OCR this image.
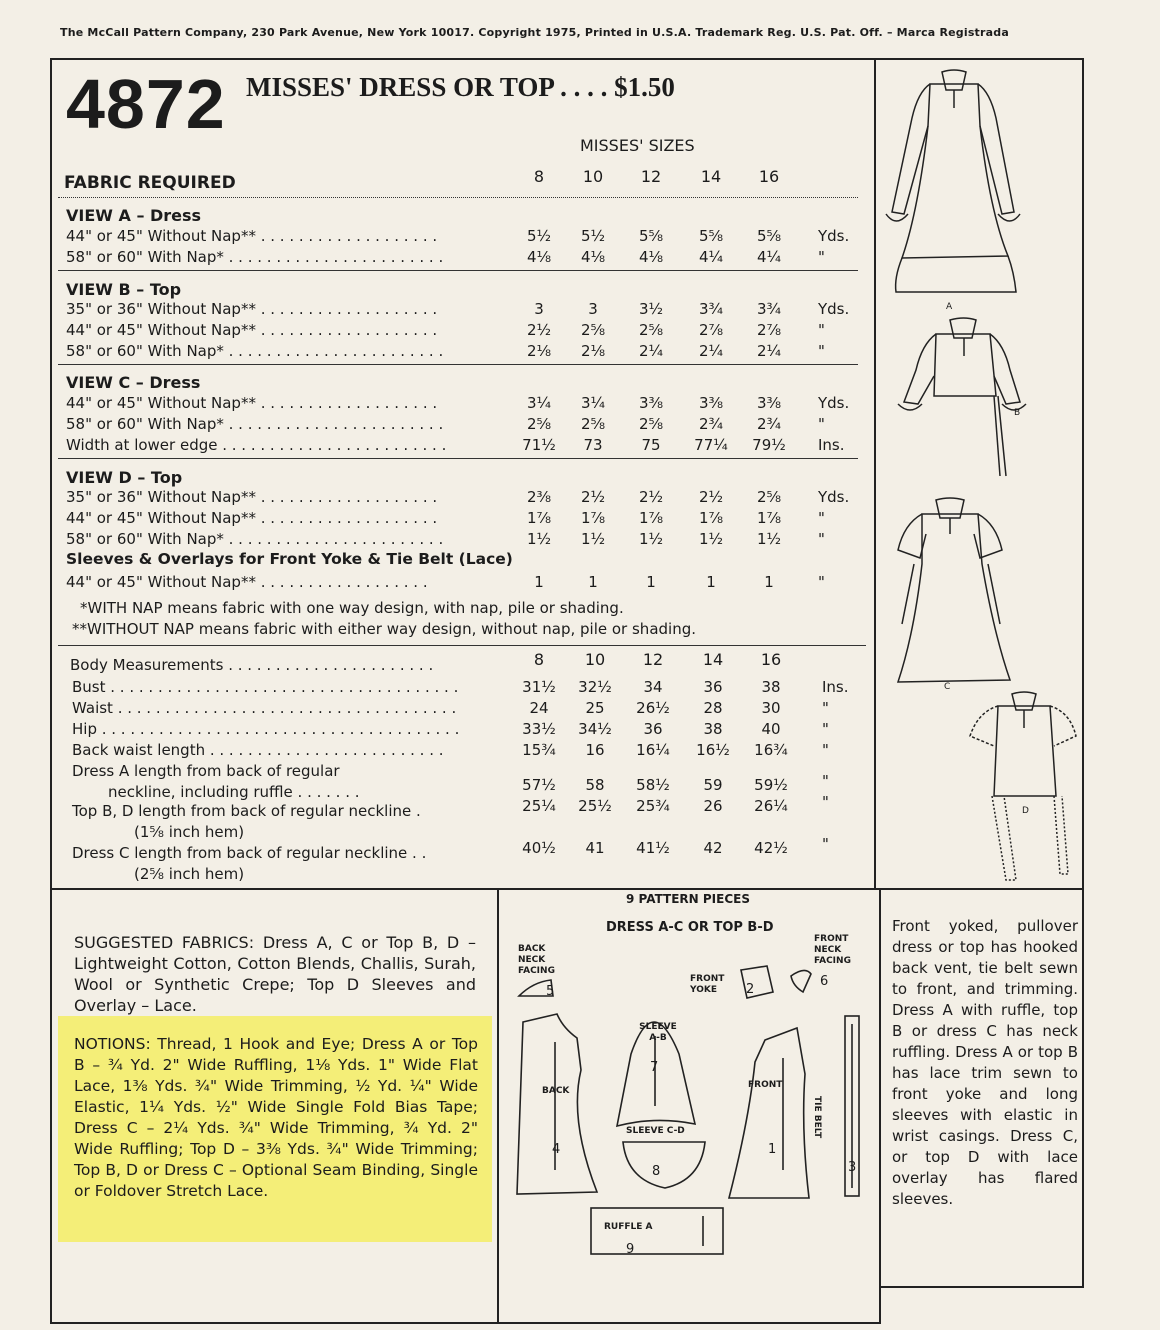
The McCall Pattern Company, 230 Park Avenue, New York 10017. Copyright 1975, Printed in U.S.A. Trademark Reg. U.S. Pat. Off. – Marca Registrada
4872 MISSES' DRESS OR TOP . . . . $1.50
MISSES' SIZES
FABRIC REQUIRED	8	10	12	14	16
VIEW A – Dress
44" or 45" Without Nap** . . . . . . . . . . . . . . . . . . .	5½	5½	5⅝	5⅝	5⅝	Yds.
58" or 60" With Nap* . . . . . . . . . . . . . . . . . . . . . . .	4⅛	4⅛	4⅛	4¼	4¼	"
VIEW B – Top
35" or 36" Without Nap** . . . . . . . . . . . . . . . . . . .	3	3	3½	3¾	3¾	Yds.
44" or 45" Without Nap** . . . . . . . . . . . . . . . . . . .	2½	2⅝	2⅝	2⅞	2⅞	"
58" or 60" With Nap* . . . . . . . . . . . . . . . . . . . . . . .	2⅛	2⅛	2¼	2¼	2¼	"
VIEW C – Dress
44" or 45" Without Nap** . . . . . . . . . . . . . . . . . . .	3¼	3¼	3⅜	3⅜	3⅜	Yds.
58" or 60" With Nap* . . . . . . . . . . . . . . . . . . . . . . .	2⅝	2⅝	2⅝	2¾	2¾	"
Width at lower edge . . . . . . . . . . . . . . . . . . . . . . . .	71½	73	75	77¼	79½	Ins.
VIEW D – Top
35" or 36" Without Nap** . . . . . . . . . . . . . . . . . . .	2⅜	2½	2½	2½	2⅝	Yds.
44" or 45" Without Nap** . . . . . . . . . . . . . . . . . . .	1⅞	1⅞	1⅞	1⅞	1⅞	"
58" or 60" With Nap* . . . . . . . . . . . . . . . . . . . . . . .	1½	1½	1½	1½	1½	"
Sleeves & Overlays for Front Yoke & Tie Belt (Lace)
44" or 45" Without Nap** . . . . . . . . . . . . . . . . . .	1	1	1	1	1	"
*WITH NAP means fabric with one way design, with nap, pile or shading.
**WITHOUT NAP means fabric with either way design, without nap, pile or shading.
Body Measurements . . . . . . . . . . . . . . . . . . . . . .	8	10	12	14	16
Bust . . . . . . . . . . . . . . . . . . . . . . . . . . . . . . . . . . . . .	31½	32½	34	36	38	Ins.
Waist . . . . . . . . . . . . . . . . . . . . . . . . . . . . . . . . . . . .	24	25	26½	28	30	"
Hip . . . . . . . . . . . . . . . . . . . . . . . . . . . . . . . . . . . . . .	33½	34½	36	38	40	"
Back waist length . . . . . . . . . . . . . . . . . . . . . . . . .	15¾	16	16¼	16½	16¾	"
Dress A length from back of regular
neckline, including ruffle . . . . . . .	57½	58	58½	59	59½	"
Top B, D length from back of regular neckline .
(1⅝ inch hem)
25¼	25½	25¾	26	26¼	"
Dress C length from back of regular neckline . .
(2⅝ inch hem)
40½	41	41½	42	42½	"
SUGGESTED FABRICS: Dress A, C or Top B, D – Lightweight Cotton, Cotton Blends, Challis, Surah, Wool or Synthetic Crepe; Top D Sleeves and Overlay – Lace.
NOTIONS: Thread, 1 Hook and Eye; Dress A or Top B – ¾ Yd. 2" Wide Ruffling, 1⅛ Yds. 1" Wide Flat Lace, 1⅜ Yds. ¾" Wide Trimming, ½ Yd. ¼" Wide Elastic, 1¼ Yds. ½" Wide Single Fold Bias Tape; Dress C – 2¼ Yds. ¾" Wide Trimming, ¾ Yd. 2" Wide Ruffling; Top D – 3⅜ Yds. ¾" Wide Trimming; Top B, D or Dress C – Optional Seam Binding, Single or Foldover Stretch Lace.
9 PATTERN PIECES
DRESS A-C OR TOP B-D
BACK NECK FACING
FRONT NECK FACING
FRONT YOKE
SLEEVE A-B
SLEEVE C-D
BACK
FRONT
TIE BELT
RUFFLE A
5	2
6
7
4
8
1
3
9
Front yoked, pullover dress or top has hooked back vent, tie belt sewn to front, and trimming. Dress A with ruffle, top B or dress C has neck ruffling. Dress A or top B has lace trim sewn to front yoke and long sleeves with elastic in wrist casings. Dress C, or top D with lace overlay has flared sleeves.
A
B
C
D
